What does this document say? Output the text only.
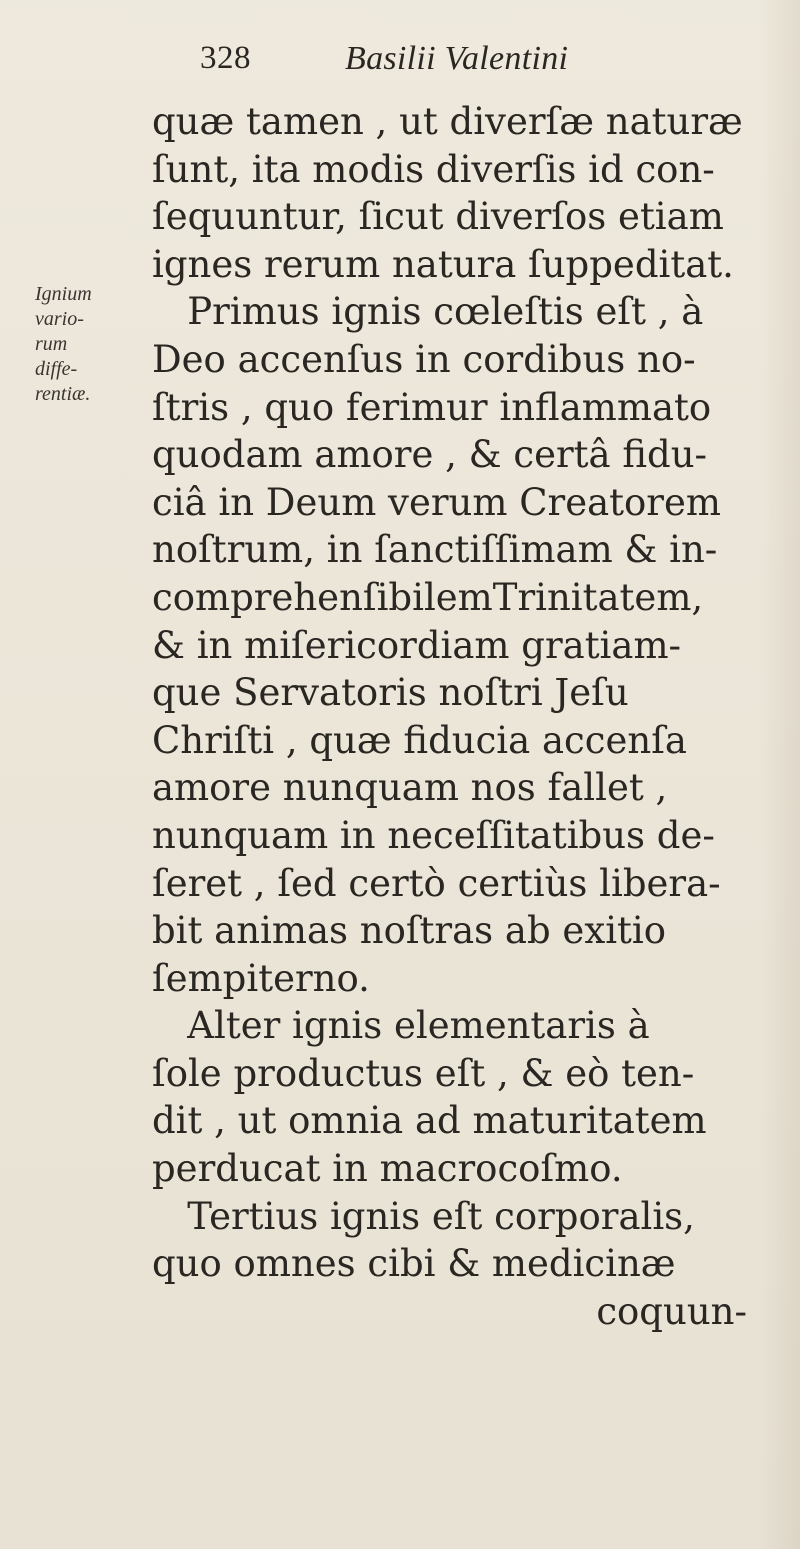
328	Basilii Valentini
Ignium
vario-
rum
diffe-
rentiæ.
quæ tamen , ut diverſæ naturæ
ſunt, ita modis diverſis id con-
ſequuntur, ſicut diverſos etiam
ignes rerum natura ſuppeditat.
Primus ignis cœleſtis eſt , à
Deo accenſus in cordibus no-
ſtris , quo ferimur inflammato
quodam amore , & certâ fidu-
ciâ in Deum verum Creatorem
noſtrum, in ſanctiſſimam & in-
comprehenſibilemTrinitatem,
& in miſericordiam gratiam-
que Servatoris noſtri Jeſu
Chriſti , quæ fiducia accenſa
amore nunquam nos fallet ,
nunquam in neceſſitatibus de-
ſeret , ſed certò certiùs libera-
bit animas noſtras ab exitio
ſempiterno.
Alter ignis elementaris à
ſole productus eſt , & eò ten-
dit , ut omnia ad maturitatem
perducat in macrocoſmo.
Tertius ignis eſt corporalis,
quo omnes cibi & medicinæ
coquun-
